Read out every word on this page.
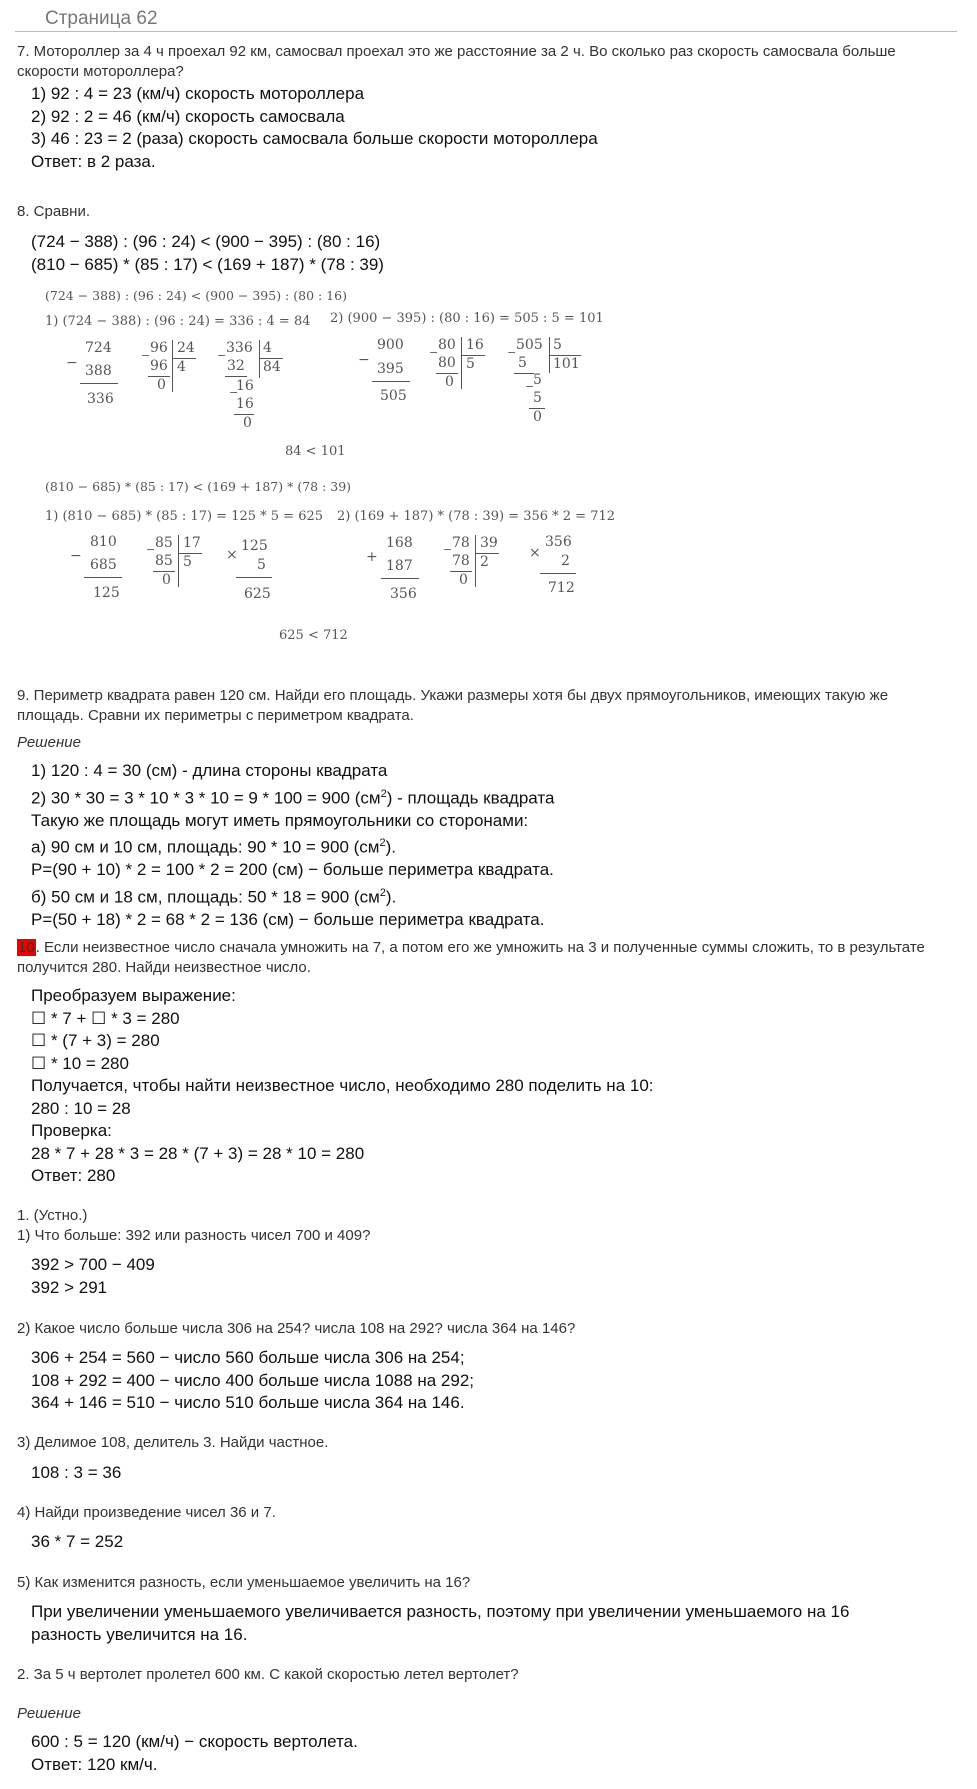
Страница 62
7. Мотороллер за 4 ч проехал 92 км, самосвал проехал это же расстояние за 2 ч. Во сколько раз скорость самосвала больше скорости мотороллера?
1) 92 : 4 = 23 (км/ч) скорость мотороллера
2) 92 : 2 = 46 (км/ч) скорость самосвала
3) 46 : 23 = 2 (раза) скорость самосвала больше скорости мотороллера
Ответ: в 2 раза.
8. Сравни.
(724 − 388) : (96 : 24) < (900 − 395) : (80 : 16)
(810 − 685) * (85 : 17) < (169 + 187) * (78 : 39)
(724 − 388) : (96 : 24) < (900 − 395) : (80 : 16)
1) (724 − 388) : (96 : 24) = 336 : 4 = 84 2) (900 − 395) : (80 : 16) = 505 : 5 = 101
−
724
388
336
− 96
96
0
24
4
− 336
32
−
16
16
0
4
84	−
900
395
505
− 80
80
0
16
5
− 505
5
−
5
5
0
5
101
84 < 101
(810 − 685) * (85 : 17) < (169 + 187) * (78 : 39)
1) (810 − 685) * (85 : 17) = 125 * 5 = 625 2) (169 + 187) * (78 : 39) = 356 * 2 = 712
−
810
685
125
− 85
85
0
17
5 ×
125
5
625
+
168
187
356
− 78
78
0
39
2
×
356
2
712
625 < 712
9. Периметр квадрата равен 120 см. Найди его площадь. Укажи размеры хотя бы двух прямоугольников, имеющих такую же площадь. Сравни их периметры с периметром квадрата.
Решение
1) 120 : 4 = 30 (см) - длина стороны квадрата
2) 30 * 30 = 3 * 10 * 3 * 10 = 9 * 100 = 900 $(см^2)$ - площадь квадрата
Такую же площадь могут иметь прямоугольники со сторонами:
а) 90 см и 10 см, площадь: 90 * 10 = 900 $(см^2)$.
P=(90 + 10) * 2 = 100 * 2 = 200 (см) − больше периметра квадрата.
б) 50 см и 18 см, площадь: 50 * 18 = 900 $(см^2)$.
P=(50 + 18) * 2 = 68 * 2 = 136 (см) − больше периметра квадрата.
10. Если неизвестное число сначала умножить на 7, а потом его же умножить на 3 и полученные суммы сложить, то в результате получится 280. Найди неизвестное число.
Преобразуем выражение:
☐ * 7 + ☐ * 3 = 280
☐ * (7 + 3) = 280
☐ * 10 = 280
Получается, чтобы найти неизвестное число, необходимо 280 поделить на 10:
280 : 10 = 28
Проверка:
28 * 7 + 28 * 3 = 28 * (7 + 3) = 28 * 10 = 280
Ответ: 280
1. (Устно.)
1) Что больше: 392 или разность чисел 700 и 409?
392 > 700 − 409
392 > 291
2) Какое число больше числа 306 на 254? числа 108 на 292? числа 364 на 146?
306 + 254 = 560 − число 560 больше числа 306 на 254;
108 + 292 = 400 − число 400 больше числа 1088 на 292;
364 + 146 = 510 − число 510 больше числа 364 на 146.
3) Делимое 108, делитель 3. Найди частное.
108 : 3 = 36
4) Найди произведение чисел 36 и 7.
36 * 7 = 252
5) Как изменится разность, если уменьшаемое увеличить на 16?
При увеличении уменьшаемого увеличивается разность, поэтому при увеличении уменьшаемого на 16
разность увеличится на 16.
2. За 5 ч вертолет пролетел 600 км. С какой скоростью летел вертолет?
Решение
600 : 5 = 120 (км/ч) − скорость вертолета.
Ответ: 120 км/ч.
